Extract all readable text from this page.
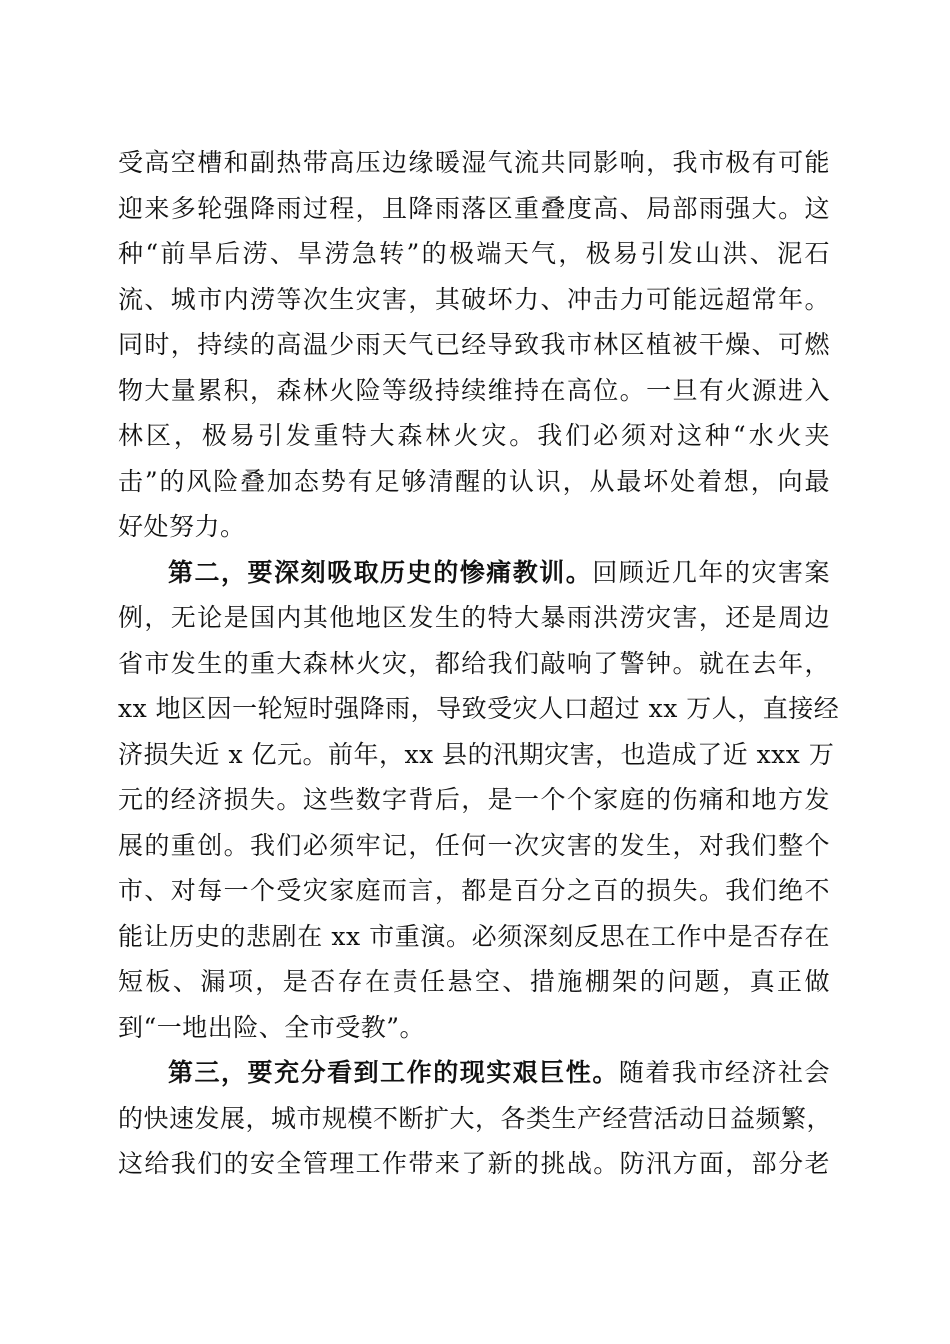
受高空槽和副热带高压边缘暖湿气流共同影响，我市极有可能
迎来多轮强降雨过程，且降雨落区重叠度高、局部雨强大。这
种“前旱后涝、旱涝急转”的极端天气，极易引发山洪、泥石
流、城市内涝等次生灾害，其破坏力、冲击力可能远超常年。
同时，持续的高温少雨天气已经导致我市林区植被干燥、可燃
物大量累积，森林火险等级持续维持在高位。一旦有火源进入
林区，极易引发重特大森林火灾。我们必须对这种“水火夹
击”的风险叠加态势有足够清醒的认识，从最坏处着想，向最
好处努力。
第二，要深刻吸取历史的惨痛教训。回顾近几年的灾害案
例，无论是国内其他地区发生的特大暴雨洪涝灾害，还是周边
省市发生的重大森林火灾，都给我们敲响了警钟。就在去年，
xx 地区因一轮短时强降雨，导致受灾人口超过 xx 万人，直接经
济损失近 x 亿元。前年，xx 县的汛期灾害，也造成了近 xxx 万
元的经济损失。这些数字背后，是一个个家庭的伤痛和地方发
展的重创。我们必须牢记，任何一次灾害的发生，对我们整个
市、对每一个受灾家庭而言，都是百分之百的损失。我们绝不
能让历史的悲剧在 xx 市重演。必须深刻反思在工作中是否存在
短板、漏项，是否存在责任悬空、措施棚架的问题，真正做
到“一地出险、全市受教”。
第三，要充分看到工作的现实艰巨性。随着我市经济社会
的快速发展，城市规模不断扩大，各类生产经营活动日益频繁，
这给我们的安全管理工作带来了新的挑战。防汛方面，部分老
